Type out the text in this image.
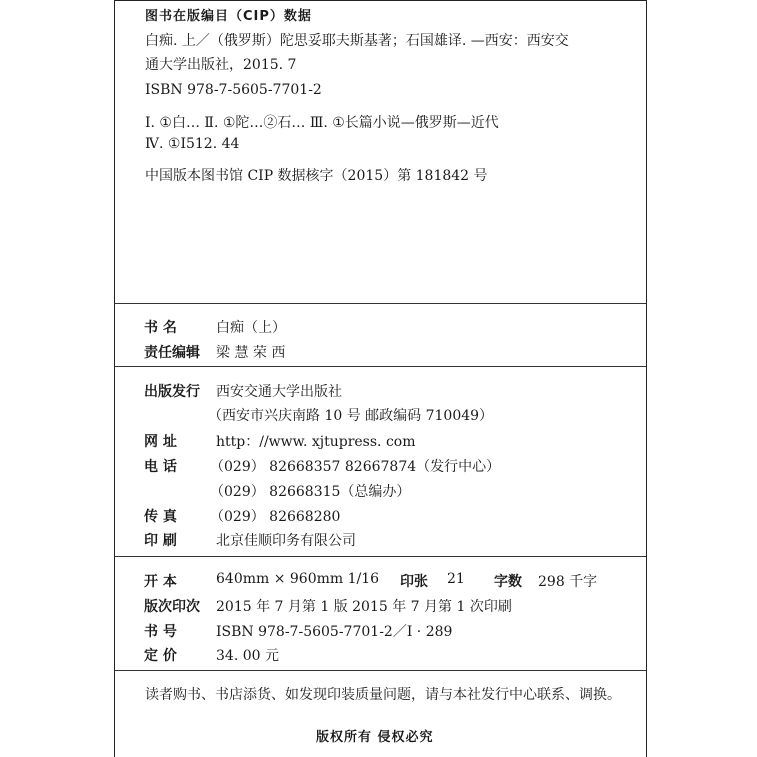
图书在版编目（CIP）数据
白痴. 上／（俄罗斯）陀思妥耶夫斯基著；石国雄译. —西安：西安交
通大学出版社，2015. 7
ISBN 978-7-5605-7701-2
Ⅰ. ①白… Ⅱ. ①陀…②石… Ⅲ. ①长篇小说—俄罗斯—近代
Ⅳ. ①I512. 44
中国版本图书馆 CIP 数据核字（2015）第 181842 号
书 名	白痴（上）
责任编辑 梁 慧 荣 西
出版发行 西安交通大学出版社
（西安市兴庆南路 10 号 邮政编码 710049）
网 址	http：//www. xjtupress. com
电 话 （029） 82668357 82667874（发行中心）
（029） 82668315（总编办）
传 真 （029） 82668280
印 刷	北京佳顺印务有限公司
开 本	640mm × 960mm 1/16 印张 21 字数 298 千字
版次印次 2015 年 7 月第 1 版 2015 年 7 月第 1 次印刷
书 号	ISBN 978-7-5605-7701-2／I · 289
定 价	34. 00 元
读者购书、书店添货、如发现印装质量问题，请与本社发行中心联系、调换。
版权所有 侵权必究
